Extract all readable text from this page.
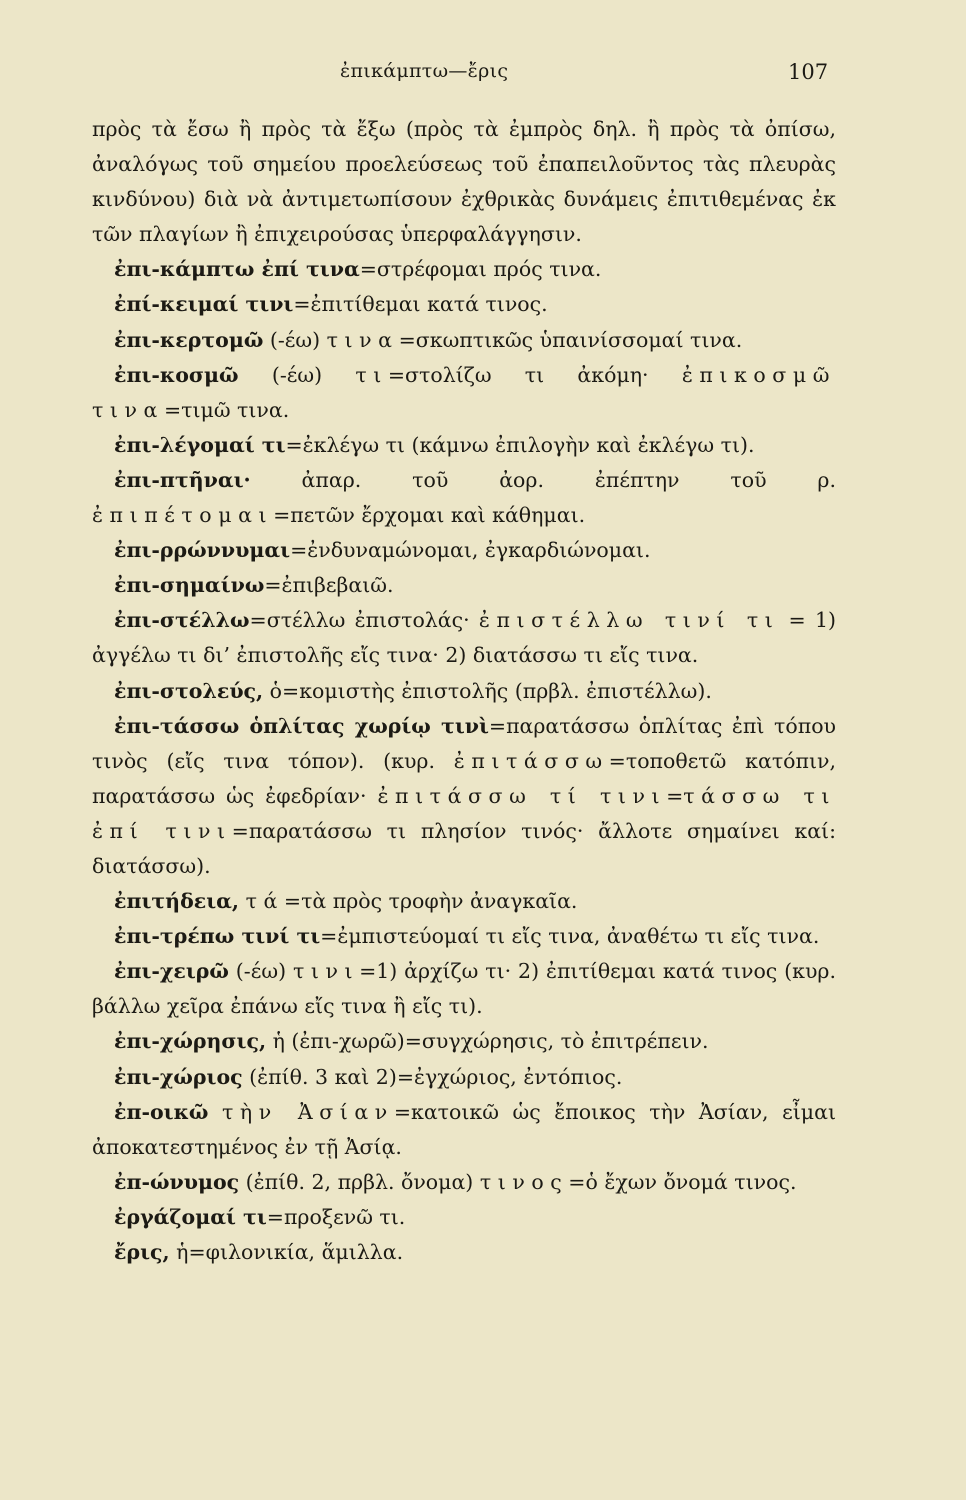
ἐπικάμπτω—ἔρις	107

πρὸς τὰ ἔσω ἢ πρὸς τὰ ἔξω (πρὸς τὰ ἐμπρὸς δηλ. ἢ πρὸς τὰ ὀπίσω, ἀναλόγως τοῦ σημείου προελεύσεως τοῦ ἐπαπειλοῦντος τὰς πλευρὰς κινδύνου) διὰ νὰ ἀντιμετωπίσουν ἐχθρικὰς δυνάμεις ἐπιτιθεμένας ἐκ τῶν πλαγίων ἢ ἐπιχειρούσας ὑπερφαλάγγησιν.

ἐπι-κάμπτω ἐπί τινα=στρέφομαι πρός τινα.

ἐπί-κειμαί τινι=ἐπιτίθεμαι κατά τινος.

ἐπι-κερτομῶ (-έω) τινα=σκωπτικῶς ὑπαινίσσομαί τινα.

ἐπι-κοσμῶ (-έω) τι=στολίζω τι ἀκόμη· ἐπικοσμῶ τινα=τιμῶ τινα.

ἐπι-λέγομαί τι=ἐκλέγω τι (κάμνω ἐπιλογὴν καὶ ἐκλέγω τι).

ἐπι-πτῆναι· ἀπαρ. τοῦ ἀορ. ἐπέπτην τοῦ ρ. ἐπιπέτομαι=πετῶν ἔρχομαι καὶ κάθημαι.

ἐπι-ρρώννυμαι=ἐνδυναμώνομαι, ἐγκαρδιώνομαι.

ἐπι-σημαίνω=ἐπιβεβαιῶ.

ἐπι-στέλλω=στέλλω ἐπιστολάς· ἐπιστέλλω τινί τι = 1) ἀγγέλω τι δι’ ἐπιστολῆς εἴς τινα· 2) διατάσσω τι εἴς τινα.

ἐπι-στολεύς, ὁ=κομιστὴς ἐπιστολῆς (πρβλ. ἐπιστέλλω).

ἐπι-τάσσω ὁπλίτας χωρίῳ τινὶ=παρατάσσω ὁπλίτας ἐπὶ τόπου τινὸς (εἴς τινα τόπον). (κυρ. ἐπιτάσσω=τοποθετῶ κατόπιν, παρατάσσω ὡς ἐφεδρίαν· ἐπιτάσσω τί τινι=τάσσω τι ἐπί τινι=παρατάσσω τι πλησίον τινός· ἄλλοτε σημαίνει καί: διατάσσω).

ἐπιτήδεια, τά=τὰ πρὸς τροφὴν ἀναγκαῖα.

ἐπι-τρέπω τινί τι=ἐμπιστεύομαί τι εἴς τινα, ἀναθέτω τι εἴς τινα.

ἐπι-χειρῶ (-έω) τινι=1) ἀρχίζω τι· 2) ἐπιτίθεμαι κατά τινος (κυρ. βάλλω χεῖρα ἐπάνω εἴς τινα ἢ εἴς τι).

ἐπι-χώρησις, ἡ (ἐπι-χωρῶ)=συγχώρησις, τὸ ἐπιτρέπειν.

ἐπι-χώριος (ἐπίθ. 3 καὶ 2)=ἐγχώριος, ἐντόπιος.

ἐπ-οικῶ τὴν Ἀσίαν=κατοικῶ ὡς ἔποικος τὴν Ἀσίαν, εἶμαι ἀποκατεστημένος ἐν τῇ Ἀσίᾳ.

ἐπ-ώνυμος (ἐπίθ. 2, πρβλ. ὄνομα) τινος=ὁ ἔχων ὄνομά τινος.

ἐργάζομαί τι=προξενῶ τι.

ἔρις, ἡ=φιλονικία, ἅμιλλα.
